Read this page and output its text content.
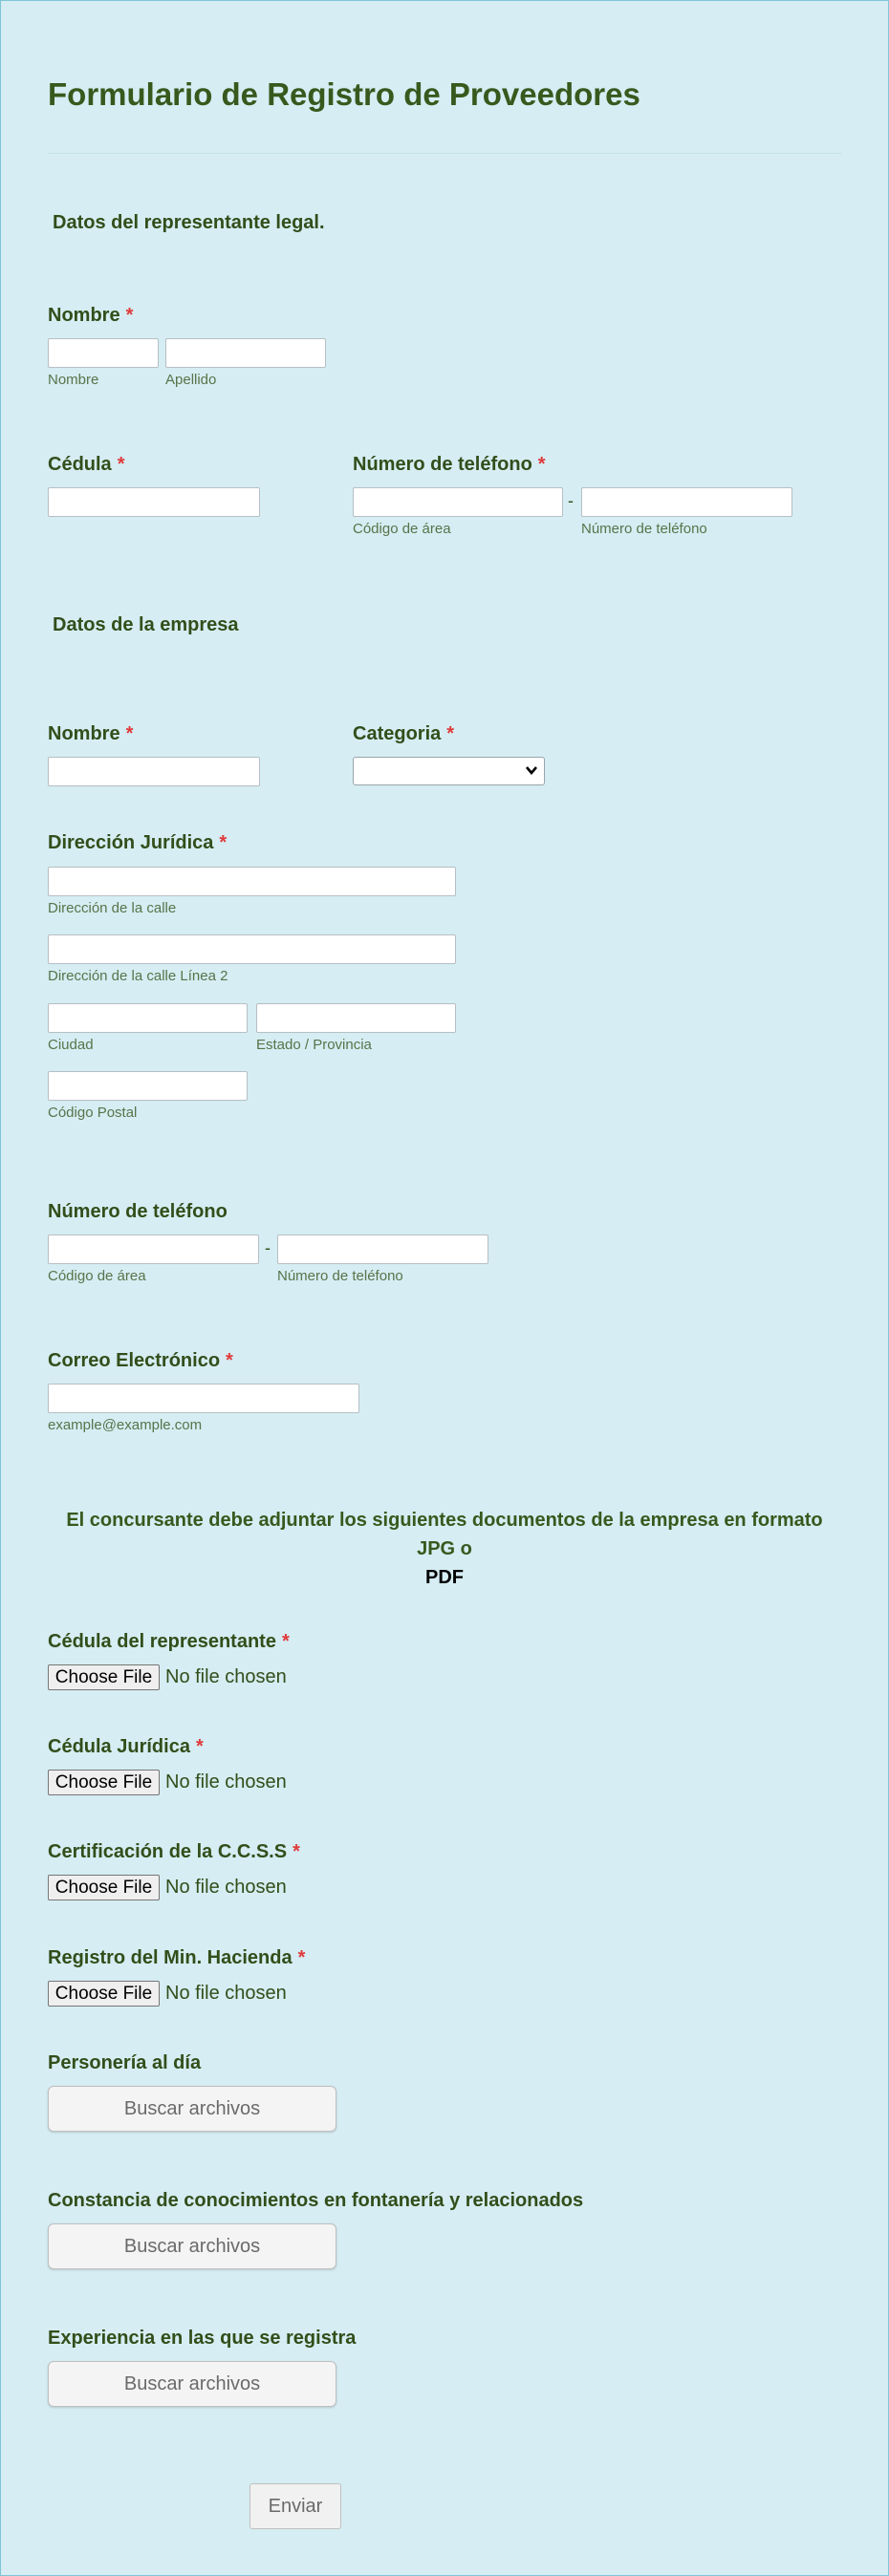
Formulario de Registro de Proveedores
Datos del representante legal.
Nombre *
Nombre	Apellido
Cédula *	Número de teléfono *
-
Código de área	Número de teléfono
Datos de la empresa
Nombre *	Categoria *
Dirección Jurídica *
Dirección de la calle
Dirección de la calle Línea 2
Ciudad	Estado / Provincia
Código Postal
Número de teléfono
-
Código de área	Número de teléfono
Correo Electrónico *
example@example.com
El concursante debe adjuntar los siguientes documentos de la empresa en formato JPG o
PDF
Cédula del representante *
Choose File No file chosen
Cédula Jurídica *
Choose File No file chosen
Certificación de la C.C.S.S *
Choose File No file chosen
Registro del Min. Hacienda *
Choose File No file chosen
Personería al día
Buscar archivos
Constancia de conocimientos en fontanería y relacionados
Buscar archivos
Experiencia en las que se registra
Buscar archivos
Enviar
